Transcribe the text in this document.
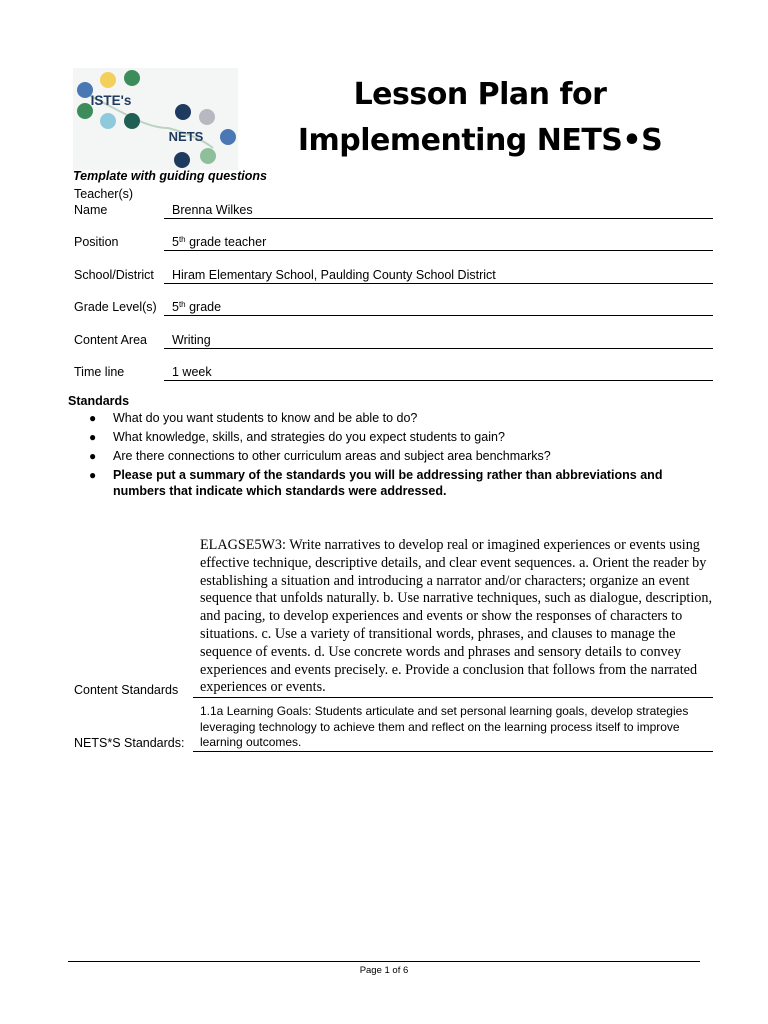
ISTE's
NETS
Lesson Plan for
Implementing NETS•S
Template with guiding questions
Teacher(s)
Name	Brenna Wilkes
Position	5th grade teacher
School/District	Hiram Elementary School, Paulding County School District
Grade Level(s)	5th grade
Content Area	Writing
Time line	1 week
Standards
● What do you want students to know and be able to do?
● What knowledge, skills, and strategies do you expect students to gain?
● Are there connections to other curriculum areas and subject area benchmarks?
● Please put a summary of the standards you will be addressing rather than abbreviations and numbers that indicate which standards were addressed.
Content Standards
ELAGSE5W3: Write narratives to develop real or imagined experiences or events using effective technique, descriptive details, and clear event sequences. a. Orient the reader by establishing a situation and introducing a narrator and/or characters; organize an event sequence that unfolds naturally. b. Use narrative techniques, such as dialogue, description, and pacing, to develop experiences and events or show the responses of characters to situations. c. Use a variety of transitional words, phrases, and clauses to manage the sequence of events. d. Use concrete words and phrases and sensory details to convey experiences and events precisely. e. Provide a conclusion that follows from the narrated experiences or events.
NETS*S Standards:
1.1a Learning Goals: Students articulate and set personal learning goals, develop strategies leveraging technology to achieve them and reflect on the learning process itself to improve learning outcomes.
Page 1 of 6
